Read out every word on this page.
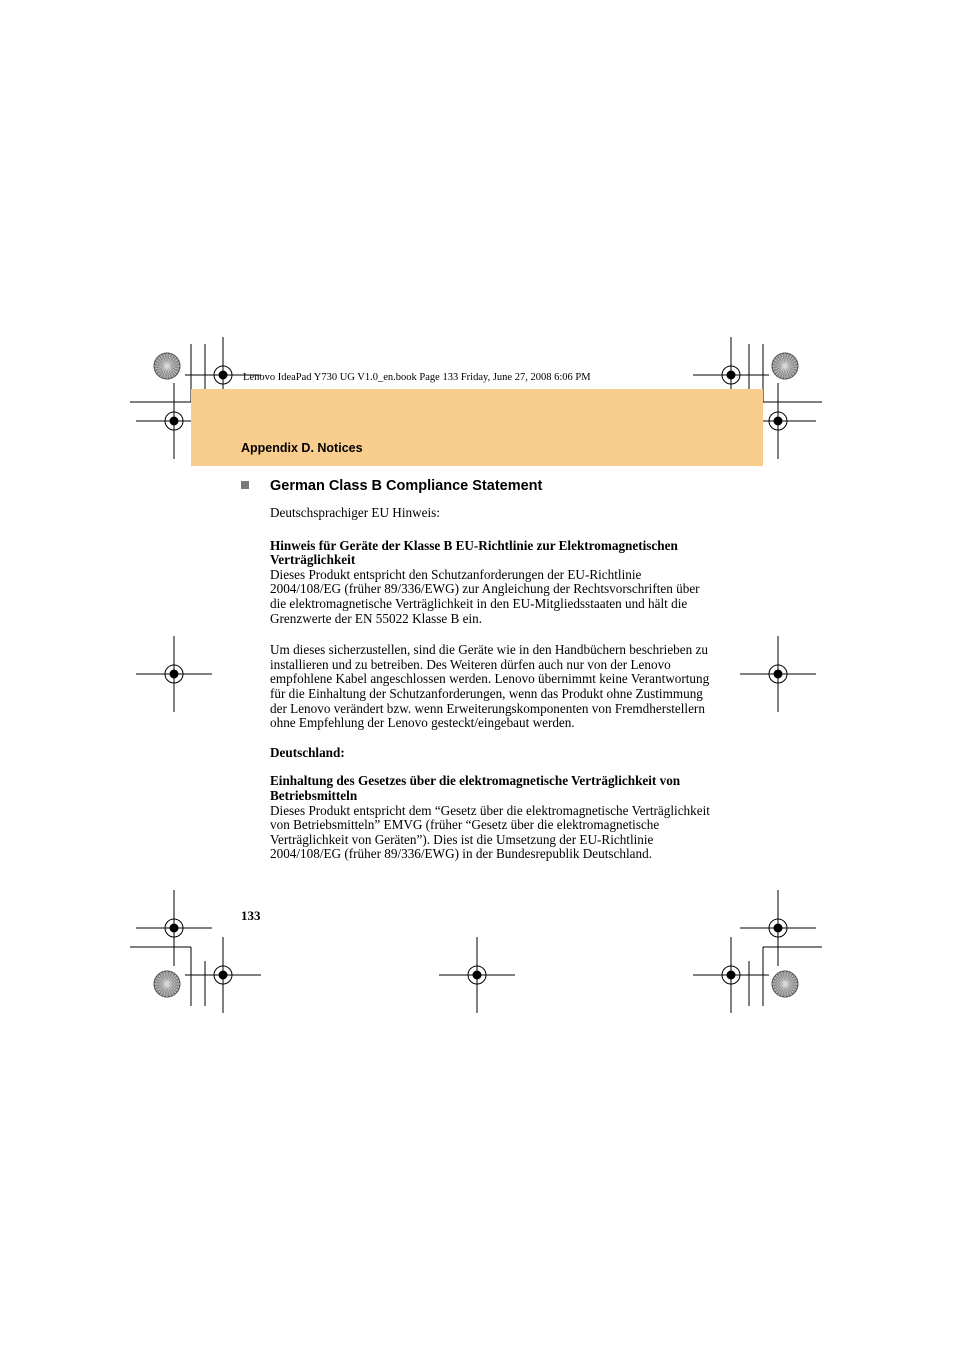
Lenovo IdeaPad Y730 UG V1.0_en.book Page 133 Friday, June 27, 2008 6:06 PM
Appendix D. Notices
German Class B Compliance Statement

Deutschsprachiger EU Hinweis:

Hinweis für Geräte der Klasse B EU-Richtlinie zur Elektromagnetischen Verträglichkeit

Dieses Produkt entspricht den Schutzanforderungen der EU-Richtlinie 2004/108/EG (früher 89/336/EWG) zur Angleichung der Rechtsvorschriften über die elektromagnetische Verträglichkeit in den EU-Mitgliedsstaaten und hält die Grenzwerte der EN 55022 Klasse B ein.

Um dieses sicherzustellen, sind die Geräte wie in den Handbüchern beschrieben zu installieren und zu betreiben. Des Weiteren dürfen auch nur von der Lenovo empfohlene Kabel angeschlossen werden. Lenovo übernimmt keine Verantwortung für die Einhaltung der Schutzanforderungen, wenn das Produkt ohne Zustimmung der Lenovo verändert bzw. wenn Erweiterungskomponenten von Fremdherstellern ohne Empfehlung der Lenovo gesteckt/eingebaut werden.

Deutschland:

Einhaltung des Gesetzes über die elektromagnetische Verträglichkeit von Betriebsmitteln

Dieses Produkt entspricht dem “Gesetz über die elektromagnetische Verträglichkeit von Betriebsmitteln” EMVG (früher “Gesetz über die elektromagnetische Verträglichkeit von Geräten”). Dies ist die Umsetzung der EU-Richtlinie 2004/108/EG (früher 89/336/EWG) in der Bundesrepublik Deutschland.

133
